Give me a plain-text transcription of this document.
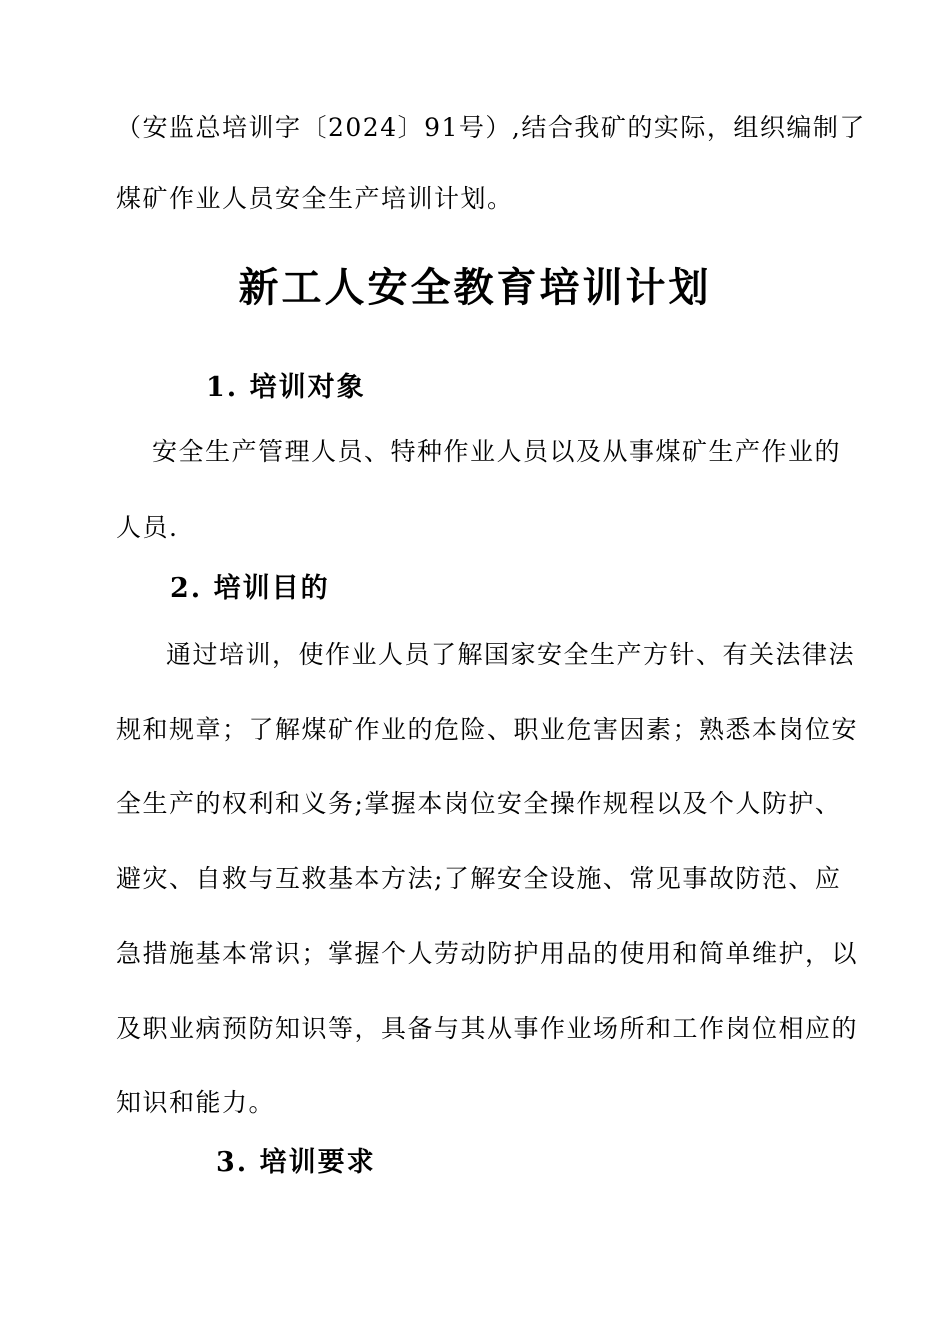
（安监总培训字〔2024〕91号）,结合我矿的实际，组织编制了
煤矿作业人员安全生产培训计划。
新工人安全教育培训计划
1. 培训对象
安全生产管理人员、特种作业人员以及从事煤矿生产作业的
人员.
2. 培训目的
通过培训，使作业人员了解国家安全生产方针、有关法律法
规和规章；了解煤矿作业的危险、职业危害因素；熟悉本岗位安
全生产的权利和义务;掌握本岗位安全操作规程以及个人防护、
避灾、自救与互救基本方法;了解安全设施、常见事故防范、应
急措施基本常识；掌握个人劳动防护用品的使用和简单维护，以
及职业病预防知识等，具备与其从事作业场所和工作岗位相应的
知识和能力。
3. 培训要求
